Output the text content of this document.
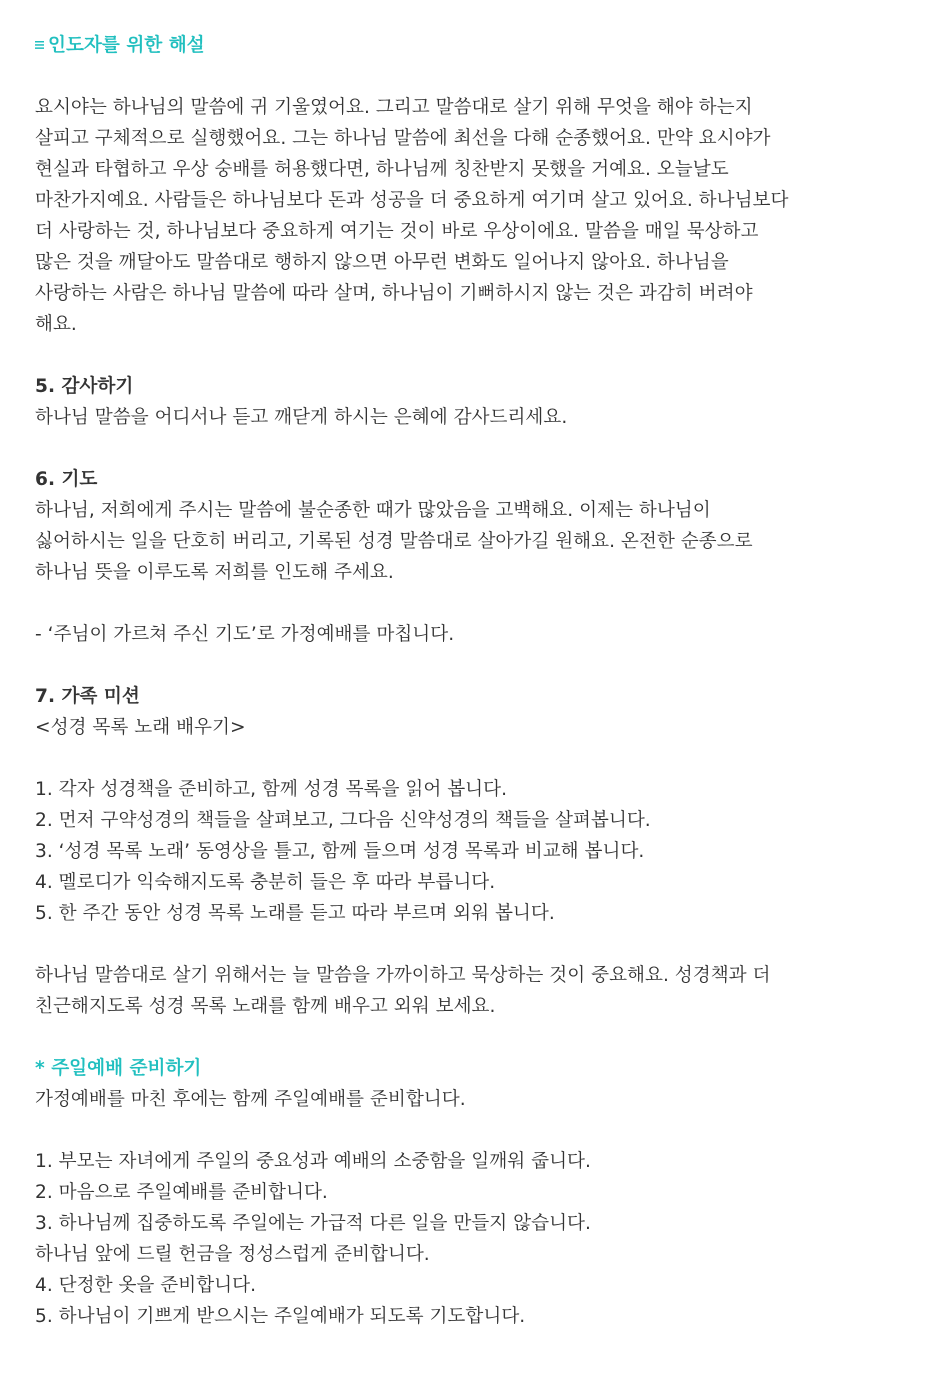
인도자를 위한 해설

요시야는 하나님의 말씀에 귀 기울였어요. 그리고 말씀대로 살기 위해 무엇을 해야 하는지

살피고 구체적으로 실행했어요. 그는 하나님 말씀에 최선을 다해 순종했어요. 만약 요시야가

현실과 타협하고 우상 숭배를 허용했다면, 하나님께 칭찬받지 못했을 거예요. 오늘날도

마찬가지예요. 사람들은 하나님보다 돈과 성공을 더 중요하게 여기며 살고 있어요. 하나님보다

더 사랑하는 것, 하나님보다 중요하게 여기는 것이 바로 우상이에요. 말씀을 매일 묵상하고

많은 것을 깨달아도 말씀대로 행하지 않으면 아무런 변화도 일어나지 않아요. 하나님을

사랑하는 사람은 하나님 말씀에 따라 살며, 하나님이 기뻐하시지 않는 것은 과감히 버려야

해요.

5. 감사하기

하나님 말씀을 어디서나 듣고 깨닫게 하시는 은혜에 감사드리세요.

6. 기도

하나님, 저희에게 주시는 말씀에 불순종한 때가 많았음을 고백해요. 이제는 하나님이

싫어하시는 일을 단호히 버리고, 기록된 성경 말씀대로 살아가길 원해요. 온전한 순종으로

하나님 뜻을 이루도록 저희를 인도해 주세요.

- ‘주님이 가르쳐 주신 기도’로 가정예배를 마칩니다.

7. 가족 미션

<성경 목록 노래 배우기>

1. 각자 성경책을 준비하고, 함께 성경 목록을 읽어 봅니다.

2. 먼저 구약성경의 책들을 살펴보고, 그다음 신약성경의 책들을 살펴봅니다.

3. ‘성경 목록 노래’ 동영상을 틀고, 함께 들으며 성경 목록과 비교해 봅니다.

4. 멜로디가 익숙해지도록 충분히 들은 후 따라 부릅니다.

5. 한 주간 동안 성경 목록 노래를 듣고 따라 부르며 외워 봅니다.

하나님 말씀대로 살기 위해서는 늘 말씀을 가까이하고 묵상하는 것이 중요해요. 성경책과 더

친근해지도록 성경 목록 노래를 함께 배우고 외워 보세요.

* 주일예배 준비하기

가정예배를 마친 후에는 함께 주일예배를 준비합니다.

1. 부모는 자녀에게 주일의 중요성과 예배의 소중함을 일깨워 줍니다.

2. 마음으로 주일예배를 준비합니다.

3. 하나님께 집중하도록 주일에는 가급적 다른 일을 만들지 않습니다.

하나님 앞에 드릴 헌금을 정성스럽게 준비합니다.

4. 단정한 옷을 준비합니다.

5. 하나님이 기쁘게 받으시는 주일예배가 되도록 기도합니다.
